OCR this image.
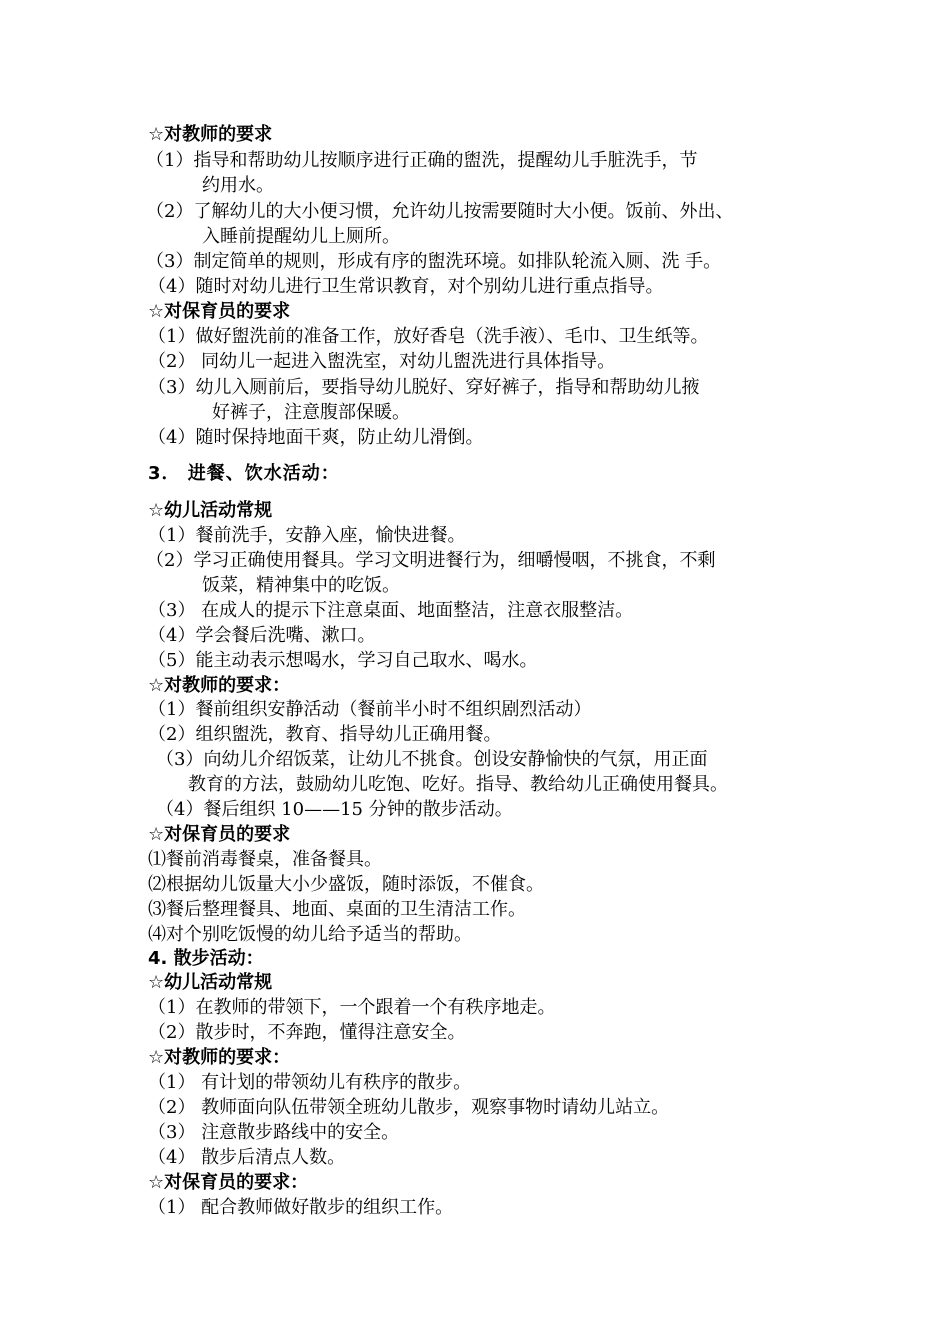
☆对教师的要求
（1）指导和帮助幼儿按顺序进行正确的盥洗，提醒幼儿手脏洗手，节
约用水。
（2）了解幼儿的大小便习惯，允许幼儿按需要随时大小便。饭前、外出、
入睡前提醒幼儿上厕所。
（3）制定简单的规则，形成有序的盥洗环境。如排队轮流入厕、洗 手。
（4）随时对幼儿进行卫生常识教育，对个别幼儿进行重点指导。
☆对保育员的要求
（1）做好盥洗前的准备工作，放好香皂（洗手液）、毛巾、卫生纸等。
（2） 同幼儿一起进入盥洗室，对幼儿盥洗进行具体指导。
（3）幼儿入厕前后，要指导幼儿脱好、穿好裤子，指导和帮助幼儿掖
好裤子，注意腹部保暖。
（4）随时保持地面干爽，防止幼儿滑倒。
3． 进餐、饮水活动：
☆幼儿活动常规
（1）餐前洗手，安静入座，愉快进餐。
（2）学习正确使用餐具。学习文明进餐行为，细嚼慢咽，不挑食，不剩
饭菜，精神集中的吃饭。
（3） 在成人的提示下注意桌面、地面整洁，注意衣服整洁。
（4）学会餐后洗嘴、漱口。
（5）能主动表示想喝水，学习自己取水、喝水。
☆对教师的要求：
（1）餐前组织安静活动（餐前半小时不组织剧烈活动）
（2）组织盥洗，教育、指导幼儿正确用餐。
（3）向幼儿介绍饭菜，让幼儿不挑食。创设安静愉快的气氛，用正面
教育的方法，鼓励幼儿吃饱、吃好。指导、教给幼儿正确使用餐具。
（4）餐后组织 10——15 分钟的散步活动。
☆对保育员的要求
⑴餐前消毒餐桌，准备餐具。
⑵根据幼儿饭量大小少盛饭，随时添饭，不催食。
⑶餐后整理餐具、地面、桌面的卫生清洁工作。
⑷对个别吃饭慢的幼儿给予适当的帮助。
4. 散步活动：
☆幼儿活动常规
（1）在教师的带领下，一个跟着一个有秩序地走。
（2）散步时，不奔跑，懂得注意安全。
☆对教师的要求：
（1） 有计划的带领幼儿有秩序的散步。
（2） 教师面向队伍带领全班幼儿散步，观察事物时请幼儿站立。
（3） 注意散步路线中的安全。
（4） 散步后清点人数。
☆对保育员的要求：
（1） 配合教师做好散步的组织工作。
